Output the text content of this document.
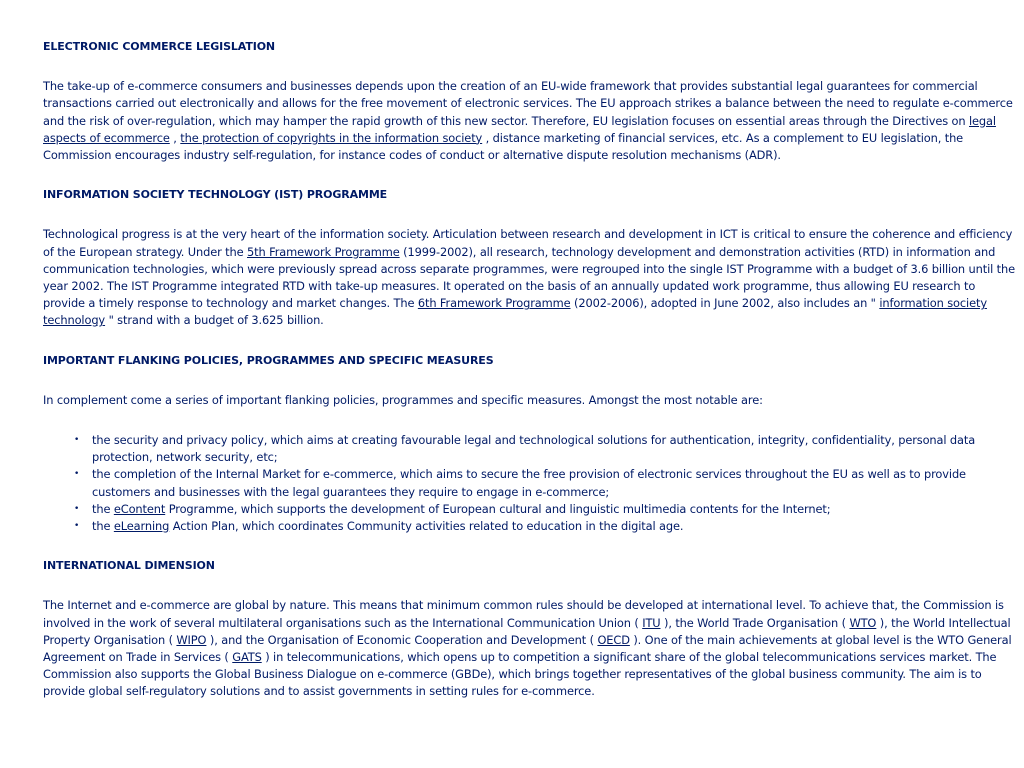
ELECTRONIC COMMERCE LEGISLATION

The take-up of e-commerce consumers and businesses depends upon the creation of an EU-wide framework that provides substantial legal guarantees for commercial transactions carried out electronically and allows for the free movement of electronic services. The EU approach strikes a balance between the need to regulate e-commerce and the risk of over-regulation, which may hamper the rapid growth of this new sector. Therefore, EU legislation focuses on essential areas through the Directives on legal aspects of ecommerce , the protection of copyrights in the information society , distance marketing of financial services, etc. As a complement to EU legislation, the Commission encourages industry self-regulation, for instance codes of conduct or alternative dispute resolution mechanisms (ADR).

INFORMATION SOCIETY TECHNOLOGY (IST) PROGRAMME

Technological progress is at the very heart of the information society. Articulation between research and development in ICT is critical to ensure the coherence and efficiency of the European strategy. Under the 5th Framework Programme (1999-2002), all research, technology development and demonstration activities (RTD) in information and communication technologies, which were previously spread across separate programmes, were regrouped into the single IST Programme with a budget of 3.6 billion until the year 2002. The IST Programme integrated RTD with take-up measures. It operated on the basis of an annually updated work programme, thus allowing EU research to provide a timely response to technology and market changes. The 6th Framework Programme (2002-2006), adopted in June 2002, also includes an " information society technology " strand with a budget of 3.625 billion.

IMPORTANT FLANKING POLICIES, PROGRAMMES AND SPECIFIC MEASURES

In complement come a series of important flanking policies, programmes and specific measures. Amongst the most notable are:

• the security and privacy policy, which aims at creating favourable legal and technological solutions for authentication, integrity, confidentiality, personal data protection, network security, etc;
• the completion of the Internal Market for e-commerce, which aims to secure the free provision of electronic services throughout the EU as well as to provide customers and businesses with the legal guarantees they require to engage in e-commerce;
• the eContent Programme, which supports the development of European cultural and linguistic multimedia contents for the Internet;
• the eLearning Action Plan, which coordinates Community activities related to education in the digital age.
INTERNATIONAL DIMENSION

The Internet and e-commerce are global by nature. This means that minimum common rules should be developed at international level. To achieve that, the Commission is involved in the work of several multilateral organisations such as the International Communication Union ( ITU ), the World Trade Organisation ( WTO ), the World Intellectual Property Organisation ( WIPO ), and the Organisation of Economic Cooperation and Development ( OECD ). One of the main achievements at global level is the WTO General Agreement on Trade in Services ( GATS ) in telecommunications, which opens up to competition a significant share of the global telecommunications services market. The Commission also supports the Global Business Dialogue on e-commerce (GBDe), which brings together representatives of the global business community. The aim is to provide global self-regulatory solutions and to assist governments in setting rules for e-commerce.
